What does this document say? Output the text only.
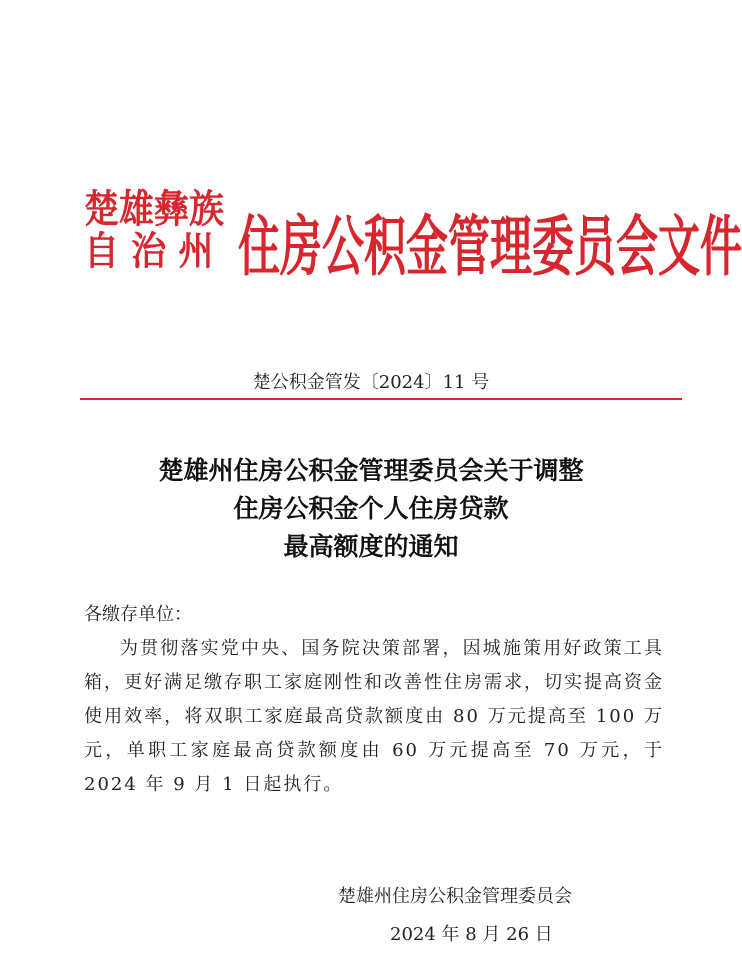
楚雄彝族
自 治 州 住房公积金管理委员会文件
楚公积金管发〔2024〕11 号
楚雄州住房公积金管理委员会关于调整
住房公积金个人住房贷款
最高额度的通知

各缴存单位：

为贯彻落实党中央、国务院决策部署，因城施策用好政策工具箱，更好满足缴存职工家庭刚性和改善性住房需求，切实提高资金使用效率，将双职工家庭最高贷款额度由 80 万元提高至 100 万元，单职工家庭最高贷款额度由 60 万元提高至 70 万元，于 2024 年 9 月 1 日起执行。

楚雄州住房公积金管理委员会
2024 年 8 月 26 日
